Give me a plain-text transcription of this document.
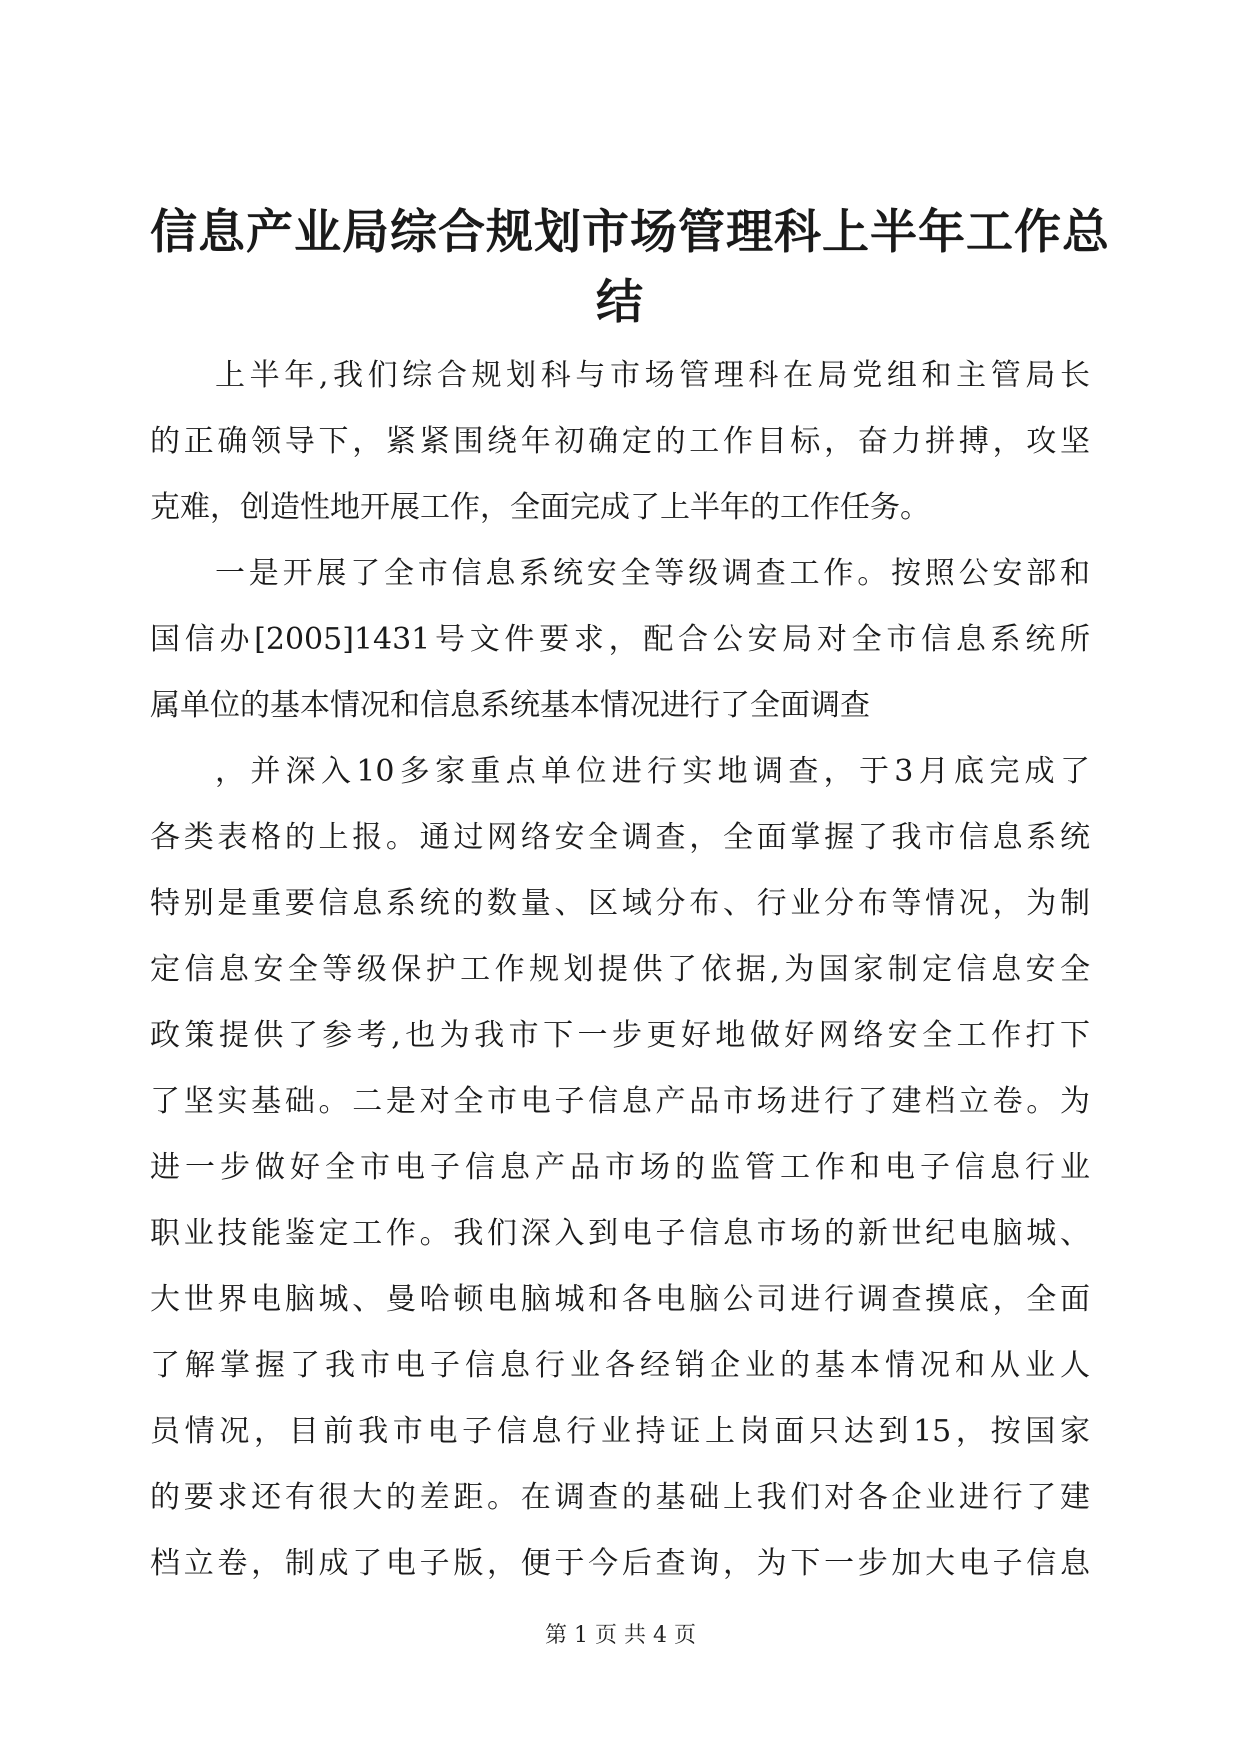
信息产业局综合规划市场管理科上半年工作总
结
上半年,我们综合规划科与市场管理科在局党组和主管局长
的正确领导下，紧紧围绕年初确定的工作目标，奋力拼搏，攻坚
克难，创造性地开展工作，全面完成了上半年的工作任务。
一是开展了全市信息系统安全等级调查工作。按照公安部和
国信办[2005]1431号文件要求，配合公安局对全市信息系统所
属单位的基本情况和信息系统基本情况进行了全面调查
，并深入10多家重点单位进行实地调查，于3月底完成了
各类表格的上报。通过网络安全调查，全面掌握了我市信息系统
特别是重要信息系统的数量、区域分布、行业分布等情况，为制
定信息安全等级保护工作规划提供了依据,为国家制定信息安全
政策提供了参考,也为我市下一步更好地做好网络安全工作打下
了坚实基础。二是对全市电子信息产品市场进行了建档立卷。为
进一步做好全市电子信息产品市场的监管工作和电子信息行业
职业技能鉴定工作。我们深入到电子信息市场的新世纪电脑城、
大世界电脑城、曼哈顿电脑城和各电脑公司进行调查摸底，全面
了解掌握了我市电子信息行业各经销企业的基本情况和从业人
员情况，目前我市电子信息行业持证上岗面只达到15，按国家
的要求还有很大的差距。在调查的基础上我们对各企业进行了建
档立卷，制成了电子版，便于今后查询，为下一步加大电子信息
第 1 页 共 4 页
